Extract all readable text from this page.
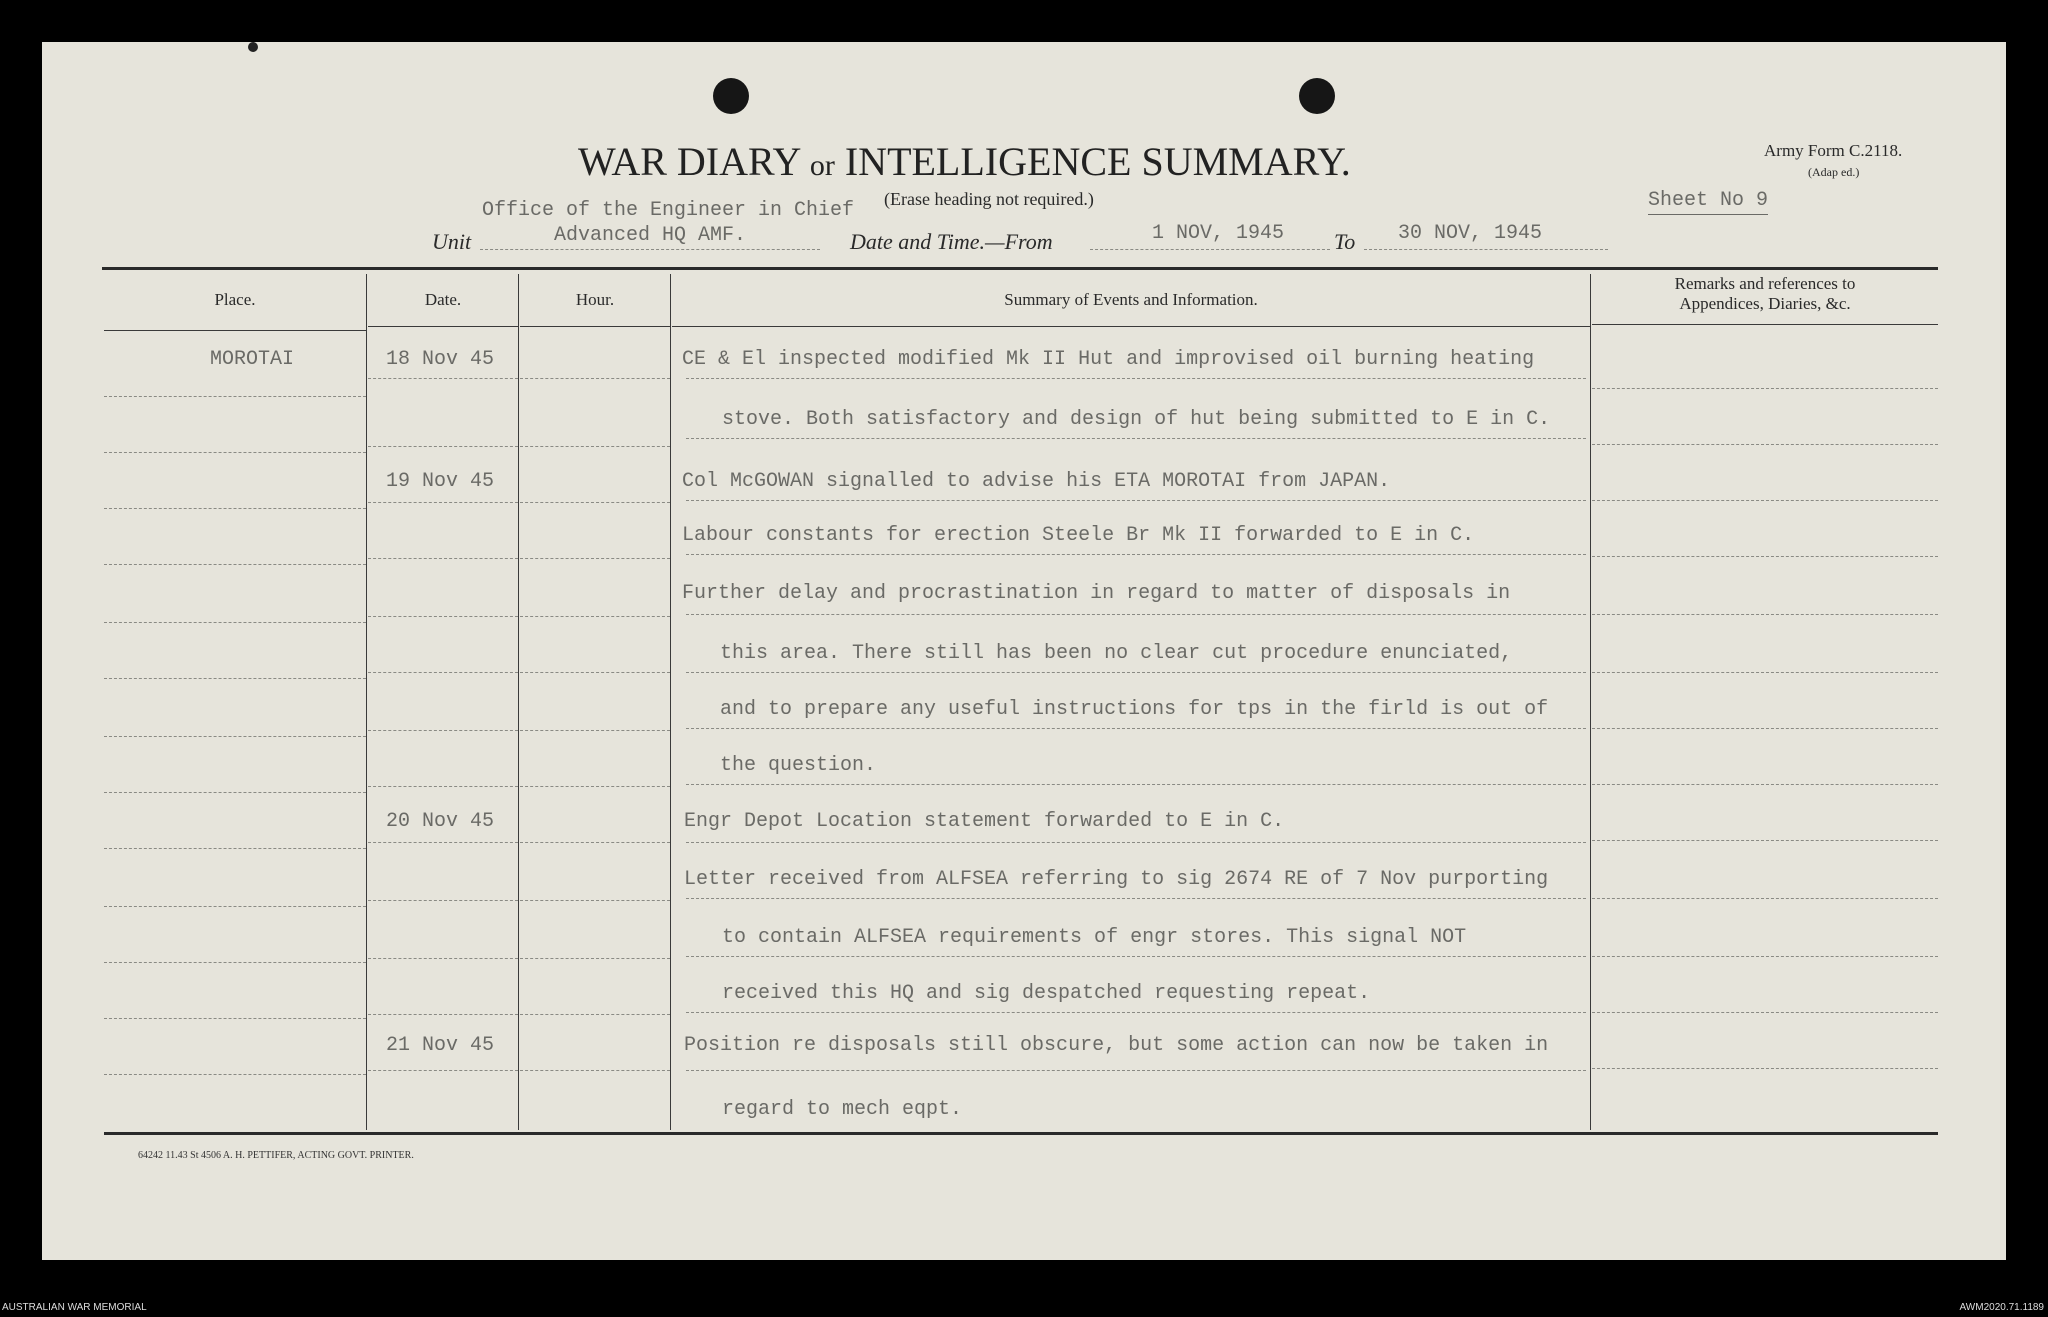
WAR DIARY or INTELLIGENCE SUMMARY.
(Erase heading not required.)
Army Form C.2118.
(Adap ed.)
Office of the Engineer in Chief	Sheet No 9
Unit	Advanced HQ AMF.	Date and Time.—From	1 NOV, 1945 To 30 NOV, 1945
Place.	Date.	Hour.	Summary of Events and Information.
Remarks and references to
Appendices, Diaries, &c.
MOROTAI	18 Nov 45	CE & El inspected modified Mk II Hut and improvised oil burning heating
stove. Both satisfactory and design of hut being submitted to E in C.
19 Nov 45	Col McGOWAN signalled to advise his ETA MOROTAI from JAPAN.
Labour constants for erection Steele Br Mk II forwarded to E in C.
Further delay and procrastination in regard to matter of disposals in
this area. There still has been no clear cut procedure enunciated,
and to prepare any useful instructions for tps in the firld is out of
the question.
20 Nov 45	Engr Depot Location statement forwarded to E in C.
Letter received from ALFSEA referring to sig 2674 RE of 7 Nov purporting
to contain ALFSEA requirements of engr stores. This signal NOT
received this HQ and sig despatched requesting repeat.
21 Nov 45	Position re disposals still obscure, but some action can now be taken in
regard to mech eqpt.
64242 11.43 St 4506 A. H. PETTIFER, ACTING GOVT. PRINTER.
AUSTRALIAN WAR MEMORIAL	AWM2020.71.1189
